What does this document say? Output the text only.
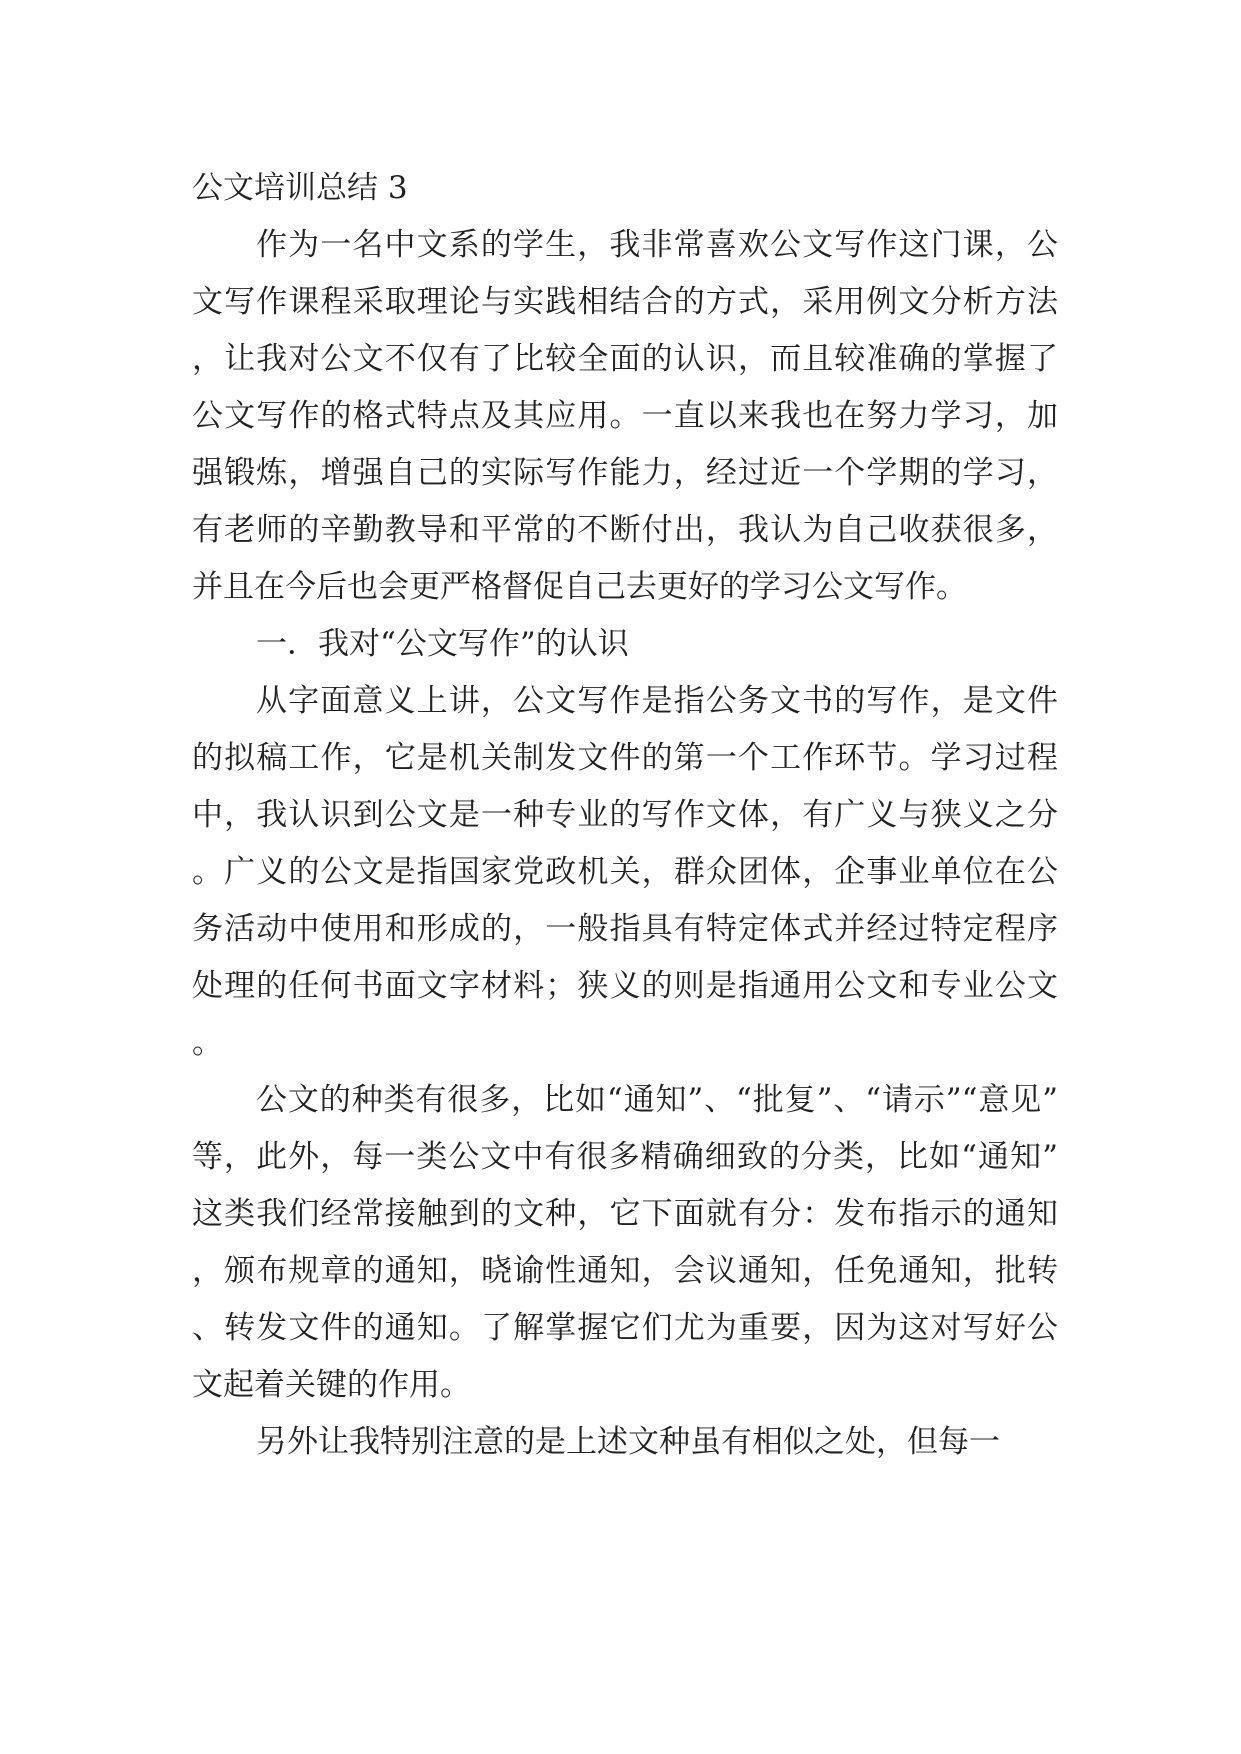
公文培训总结 3

作为一名中文系的学生，我非常喜欢公文写作这门课，公文写作课程采取理论与实践相结合的方式，采用例文分析方法，让我对公文不仅有了比较全面的认识，而且较准确的掌握了公文写作的格式特点及其应用。一直以来我也在努力学习，加强锻炼，增强自己的实际写作能力，经过近一个学期的学习，有老师的辛勤教导和平常的不断付出，我认为自己收获很多，并且在今后也会更严格督促自己去更好的学习公文写作。

一．我对“公文写作”的认识

从字面意义上讲，公文写作是指公务文书的写作，是文件的拟稿工作，它是机关制发文件的第一个工作环节。学习过程中，我认识到公文是一种专业的写作文体，有广义与狭义之分。广义的公文是指国家党政机关，群众团体，企事业单位在公务活动中使用和形成的，一般指具有特定体式并经过特定程序处理的任何书面文字材料；狭义的则是指通用公文和专业公文。

公文的种类有很多，比如“通知”、“批复”、“请示”“意见”等，此外，每一类公文中有很多精确细致的分类，比如“通知”这类我们经常接触到的文种，它下面就有分：发布指示的通知，颁布规章的通知，晓谕性通知，会议通知，任免通知，批转、转发文件的通知。了解掌握它们尤为重要，因为这对写好公文起着关键的作用。

另外让我特别注意的是上述文种虽有相似之处，但每一
